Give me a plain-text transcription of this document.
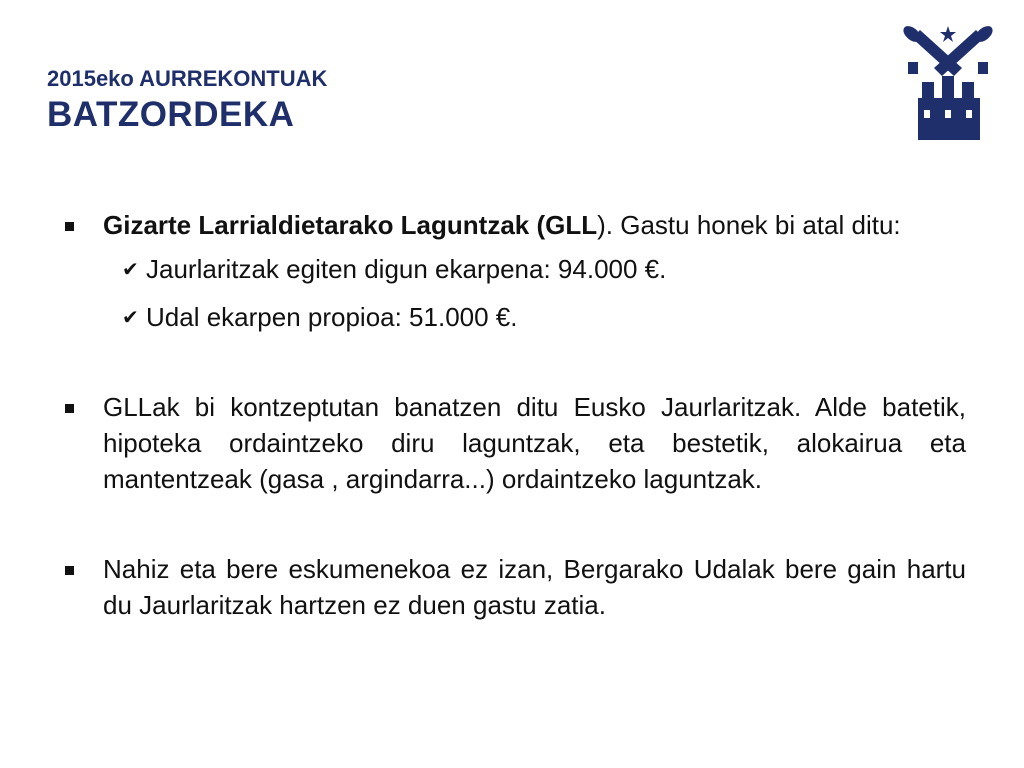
2015eko AURREKONTUAK
BATZORDEKA
Gizarte Larrialdietarako Laguntzak (GLL). Gastu honek bi atal ditu:
✔ Jaurlaritzak egiten digun ekarpena: 94.000 €.
✔ Udal ekarpen propioa: 51.000 €.
GLLak bi kontzeptutan banatzen ditu Eusko Jaurlaritzak. Alde batetik, hipoteka ordaintzeko diru laguntzak, eta bestetik, alokairua eta mantentzeak (gasa , argindarra...) ordaintzeko laguntzak.
Nahiz eta bere eskumenekoa ez izan, Bergarako Udalak bere gain hartu du Jaurlaritzak hartzen ez duen gastu zatia.
